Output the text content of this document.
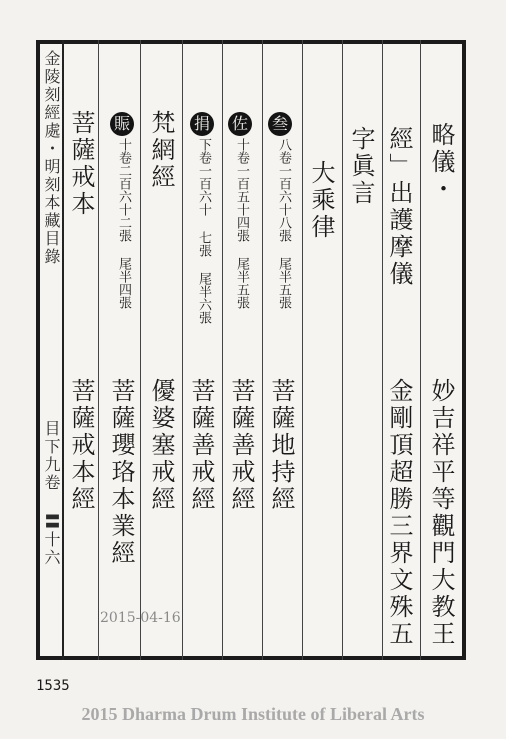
金陵刻經處・明刻本藏目錄
目下九卷 〓十六
略儀・
妙吉祥平等觀門大教王
經」出護摩儀
金剛頂超勝三界文殊五
字眞言
大乘律
叁
八卷一百六十八張 尾半五張
菩薩地持經
佐
十卷一百五十四張 尾半五張
菩薩善戒經
捐
下卷一百六十 七張 尾半六張
菩薩善戒經
梵網經
優婆塞戒經
賑
十卷二百六十二張 尾半四張
菩薩瓔珞本業經
菩薩戒本
菩薩戒本經
2015-04-16
1535
2015 Dharma Drum Institute of Liberal Arts
